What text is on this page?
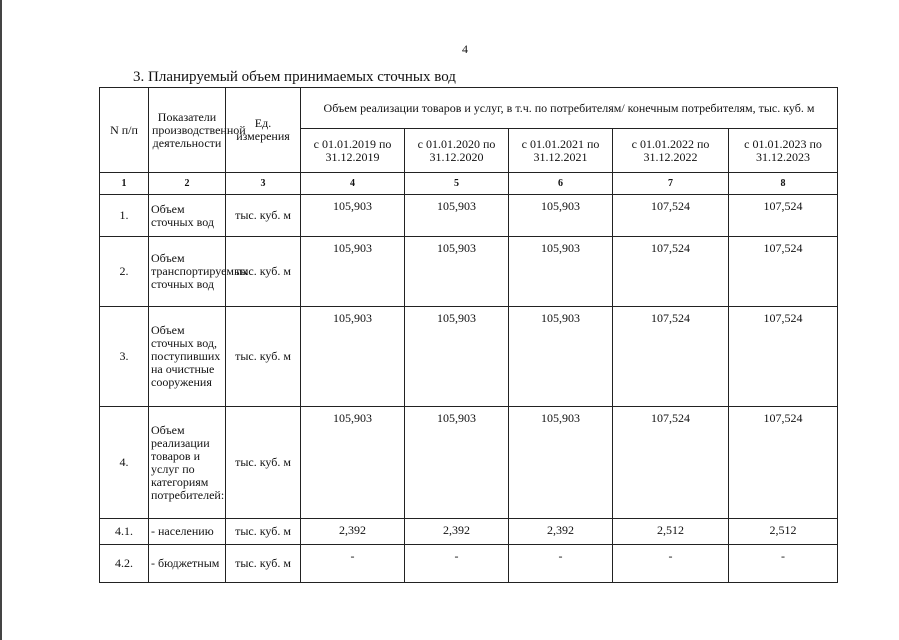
4
3. Планируемый объем принимаемых сточных вод
N п/п	Показатели производственной деятельности	Ед. измерения	Объем реализации товаров и услуг, в т.ч. по потребителям/ конечным потребителям, тыс. куб. м				
			с 01.01.2019 по 31.12.2019	с 01.01.2020 по 31.12.2020	с 01.01.2021 по 31.12.2021	с 01.01.2022 по 31.12.2022	с 01.01.2023 по 31.12.2023
1	2	3	4	5	6	7	8
1.	Объем сточных вод	тыс. куб. м	105,903	105,903	105,903	107,524	107,524
2.	Объем транспортируемых сточных вод	тыс. куб. м	105,903	105,903	105,903	107,524	107,524
3.	Объем сточных вод, поступивших на очистные сооружения	тыс. куб. м	105,903	105,903	105,903	107,524	107,524
4.	Объем реализации товаров и услуг по категориям потребителей:	тыс. куб. м	105,903	105,903	105,903	107,524	107,524
4.1.	- населению	тыс. куб. м	2,392	2,392	2,392	2,512	2,512
4.2.	- бюджетным	тыс. куб. м	-	-	-	-	-
